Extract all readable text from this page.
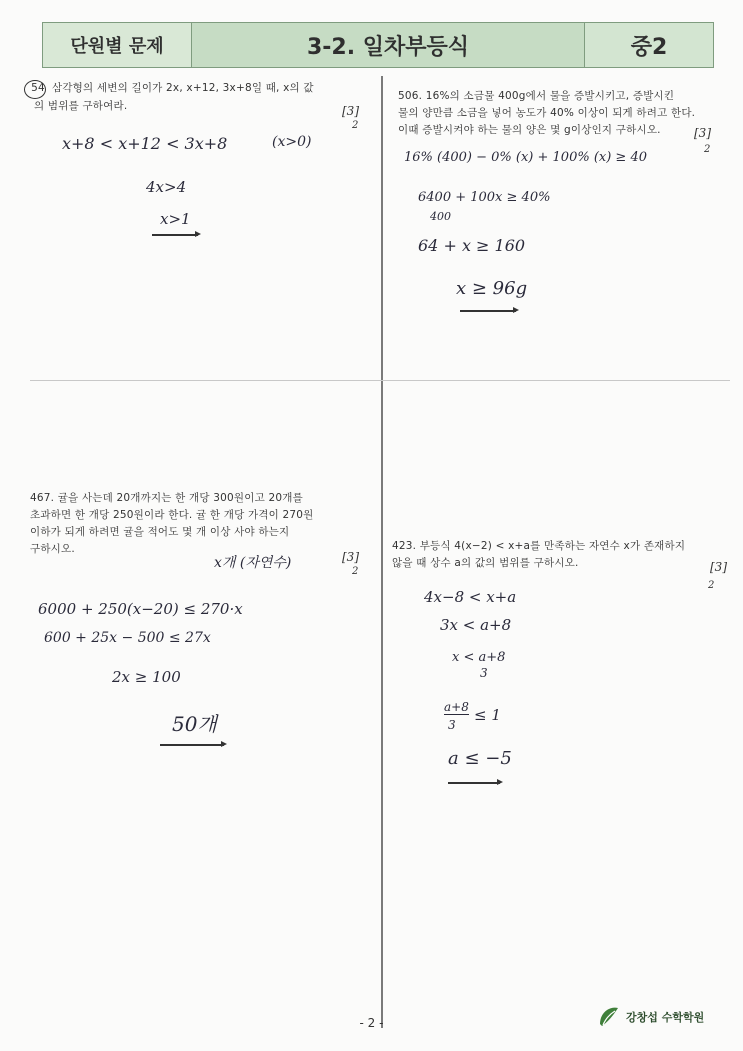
단원별 문제	3-2. 일차부등식	중2
54 삼각형의 세변의 길이가 2x, x+12, 3x+8일 때, x의 값
의 범위를 구하여라.	[3]
2
x+8 < x+12 < 3x+8	(x>0)
4x>4
x>1
506. 16%의 소금물 400g에서 물을 증발시키고, 증발시킨
물의 양만큼 소금을 넣어 농도가 40% 이상이 되게 하려고 한다.
이때 증발시켜야 하는 물의 양은 몇 g이상인지 구하시오.	[3]
2
16% (400) − 0% (x) + 100% (x) ≥ 40
6400 + 100x ≥ 40%
400
64 + x ≥ 160
x ≥ 96g
467. 귤을 사는데 20개까지는 한 개당 300원이고 20개를
초과하면 한 개당 250원이라 한다. 귤 한 개당 가격이 270원
이하가 되게 하려면 귤을 적어도 몇 개 이상 사야 하는지
구하시오.
x개 (자연수)	[3]
2
6000 + 250(x−20) ≤ 270·x
600 + 25x − 500 ≤ 27x
2x ≥ 100
50개
423. 부등식 4(x−2) < x+a를 만족하는 자연수 x가 존재하지
않을 때 상수 a의 값의 범위를 구하시오.	[3]
2
4x−8 < x+a
3x < a+8
x < a+8
3
a+8
3
≤ 1
a ≤ −5
- 2 -	강창섭 수학학원
